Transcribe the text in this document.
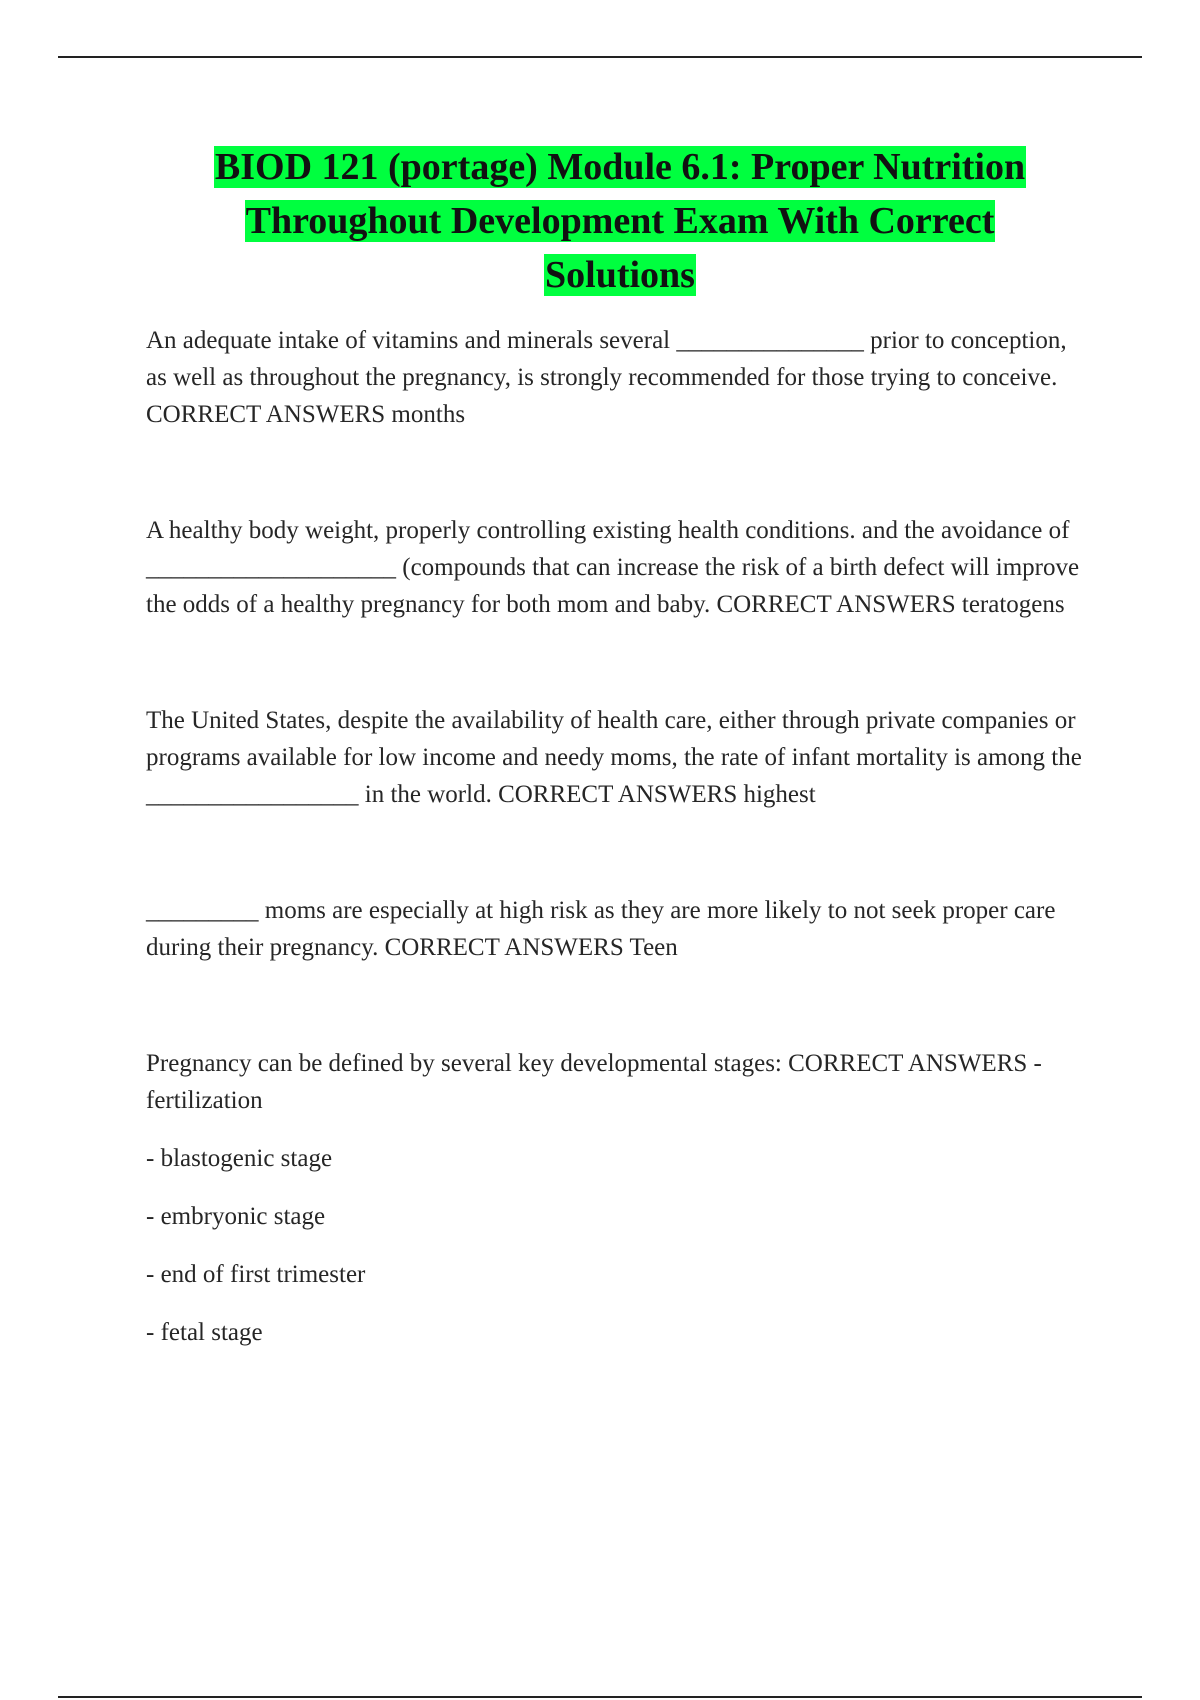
BIOD 121 (portage) Module 6.1: Proper Nutrition
Throughout Development Exam With Correct
Solutions

An adequate intake of vitamins and minerals several _______________ prior to conception, as well as throughout the pregnancy, is strongly recommended for those trying to conceive. CORRECT ANSWERS months

A healthy body weight, properly controlling existing health conditions. and the avoidance of ____________________ (compounds that can increase the risk of a birth defect will improve the odds of a healthy pregnancy for both mom and baby. CORRECT ANSWERS teratogens

The United States, despite the availability of health care, either through private companies or programs available for low income and needy moms, the rate of infant mortality is among the _________________ in the world. CORRECT ANSWERS highest

_________ moms are especially at high risk as they are more likely to not seek proper care during their pregnancy. CORRECT ANSWERS Teen

Pregnancy can be defined by several key developmental stages: CORRECT ANSWERS -fertilization

- blastogenic stage
- embryonic stage
- end of first trimester
- fetal stage
